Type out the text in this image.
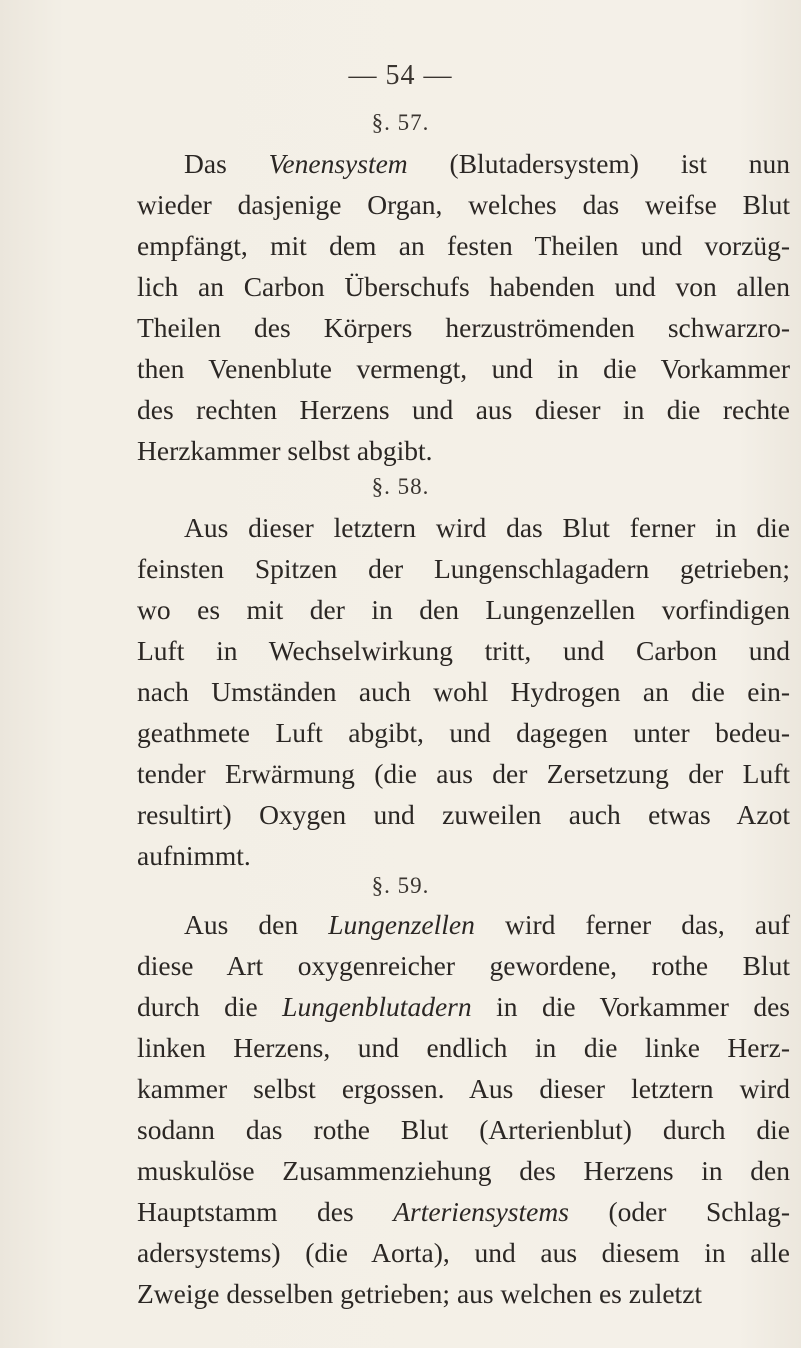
— 54 —
§. 57.

Das Venensystem (Blutadersystem) ist nun
wieder dasjenige Organ, welches das weifse Blut
empfängt, mit dem an festen Theilen und vorzüg-
lich an Carbon Überschufs habenden und von allen
Theilen des Körpers herzuströmenden schwarzro-
then Venenblute vermengt, und in die Vorkammer
des rechten Herzens und aus dieser in die rechte
Herzkammer selbst abgibt.

§. 58.

Aus dieser letztern wird das Blut ferner in die
feinsten Spitzen der Lungenschlagadern getrieben;
wo es mit der in den Lungenzellen vorfindigen
Luft in Wechselwirkung tritt, und Carbon und
nach Umständen auch wohl Hydrogen an die ein-
geathmete Luft abgibt, und dagegen unter bedeu-
tender Erwärmung (die aus der Zersetzung der Luft
resultirt) Oxygen und zuweilen auch etwas Azot
aufnimmt.

§. 59.

Aus den Lungenzellen wird ferner das, auf
diese Art oxygenreicher gewordene, rothe Blut
durch die Lungenblutadern in die Vorkammer des
linken Herzens, und endlich in die linke Herz-
kammer selbst ergossen. Aus dieser letztern wird
sodann das rothe Blut (Arterienblut) durch die
muskulöse Zusammenziehung des Herzens in den
Hauptstamm des Arteriensystems (oder Schlag-
adersystems) (die Aorta), und aus diesem in alle
Zweige desselben getrieben; aus welchen es zuletzt
